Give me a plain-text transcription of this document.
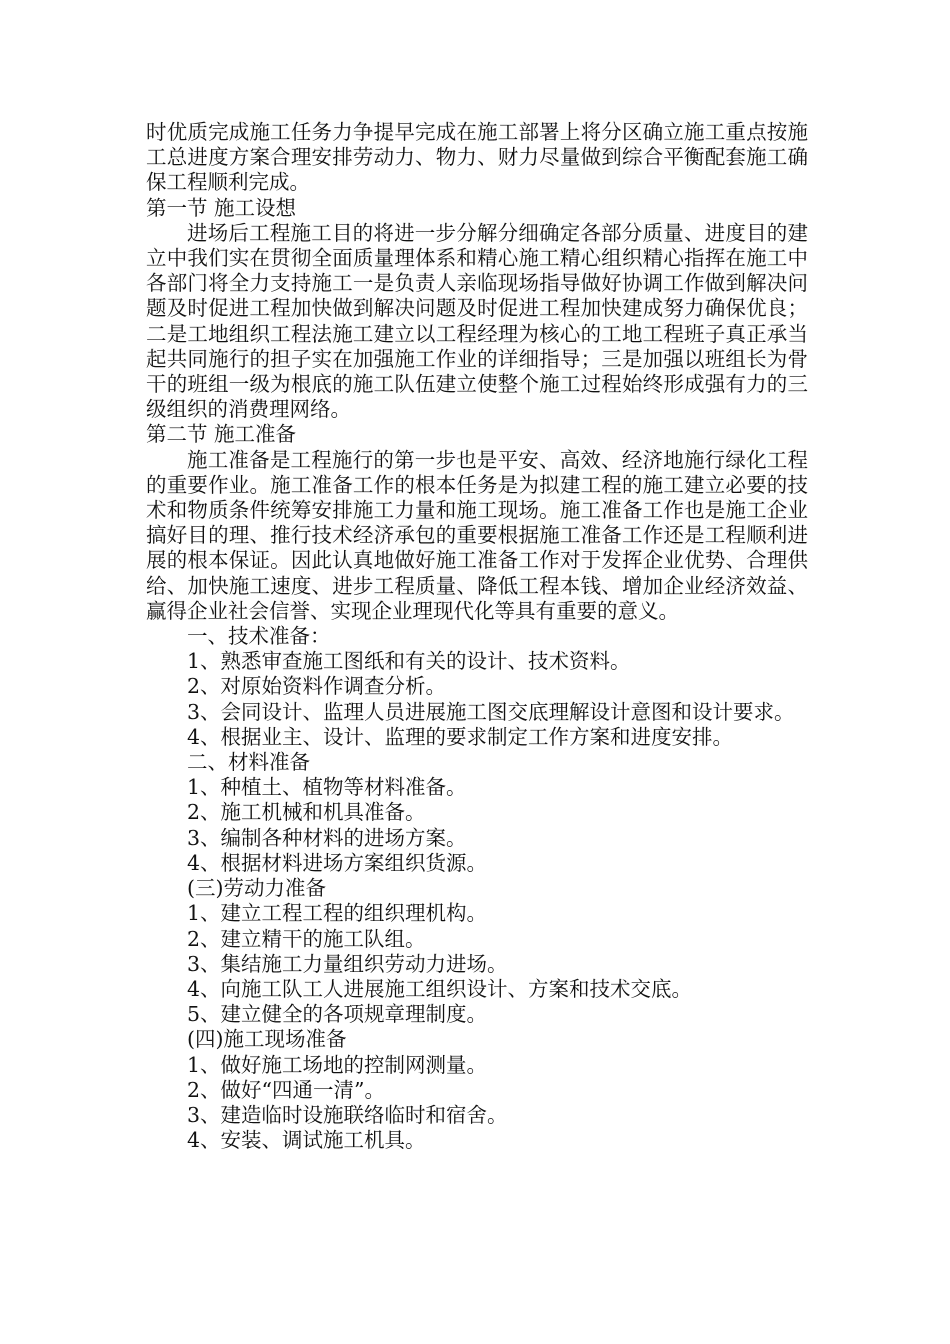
时优质完成施工任务力争提早完成在施工部署上将分区确立施工重点按施工总进度方案合理安排劳动力、物力、财力尽量做到综合平衡配套施工确保工程顺利完成。

第一节 施工设想

进场后工程施工目的将进一步分解分细确定各部分质量、进度目的建立中我们实在贯彻全面质量理体系和精心施工精心组织精心指挥在施工中各部门将全力支持施工一是负责人亲临现场指导做好协调工作做到解决问题及时促进工程加快做到解决问题及时促进工程加快建成努力确保优良；二是工地组织工程法施工建立以工程经理为核心的工地工程班子真正承当起共同施行的担子实在加强施工作业的详细指导；三是加强以班组长为骨干的班组一级为根底的施工队伍建立使整个施工过程始终形成强有力的三级组织的消费理网络。

第二节 施工准备

施工准备是工程施行的第一步也是平安、高效、经济地施行绿化工程的重要作业。施工准备工作的根本任务是为拟建工程的施工建立必要的技术和物质条件统筹安排施工力量和施工现场。施工准备工作也是施工企业搞好目的理、推行技术经济承包的重要根据施工准备工作还是工程顺利进展的根本保证。因此认真地做好施工准备工作对于发挥企业优势、合理供给、加快施工速度、进步工程质量、降低工程本钱、增加企业经济效益、赢得企业社会信誉、实现企业理现代化等具有重要的意义。

一、技术准备：

1、熟悉审查施工图纸和有关的设计、技术资料。

2、对原始资料作调查分析。

3、会同设计、监理人员进展施工图交底理解设计意图和设计要求。

4、根据业主、设计、监理的要求制定工作方案和进度安排。

二、材料准备

1、种植土、植物等材料准备。

2、施工机械和机具准备。

3、编制各种材料的进场方案。

4、根据材料进场方案组织货源。

(三)劳动力准备

1、建立工程工程的组织理机构。

2、建立精干的施工队组。

3、集结施工力量组织劳动力进场。

4、向施工队工人进展施工组织设计、方案和技术交底。

5、建立健全的各项规章理制度。

(四)施工现场准备

1、做好施工场地的控制网测量。

2、做好“四通一清”。

3、建造临时设施联络临时和宿舍。

4、安装、调试施工机具。
